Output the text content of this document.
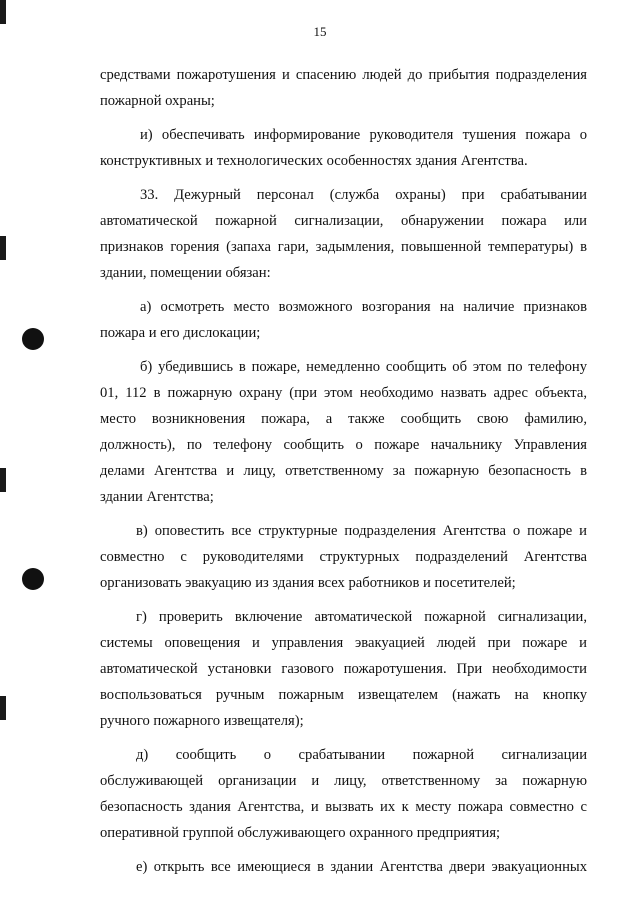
15
средствами пожаротушения и спасению людей до прибытия подразделения
пожарной охраны;
и) обеспечивать информирование руководителя тушения пожара о
конструктивных и технологических особенностях здания Агентства.
33. Дежурный персонал (служба охраны) при срабатывании
автоматической пожарной сигнализации, обнаружении пожара или
признаков горения (запаха гари, задымления, повышенной температуры) в
здании, помещении обязан:
а) осмотреть место возможного возгорания на наличие признаков
пожара и его дислокации;
б) убедившись в пожаре, немедленно сообщить об этом по телефону
01, 112 в пожарную охрану (при этом необходимо назвать адрес объекта,
место возникновения пожара, а также сообщить свою фамилию,
должность), по телефону сообщить о пожаре начальнику Управления
делами Агентства и лицу, ответственному за пожарную безопасность в
здании Агентства;
в) оповестить все структурные подразделения Агентства о пожаре и
совместно с руководителями структурных подразделений Агентства
организовать эвакуацию из здания всех работников и посетителей;
г) проверить включение автоматической пожарной сигнализации,
системы оповещения и управления эвакуацией людей при пожаре и
автоматической установки газового пожаротушения. При необходимости
воспользоваться ручным пожарным извещателем (нажать на кнопку
ручного пожарного извещателя);
д) сообщить о срабатывании пожарной сигнализации
обслуживающей организации и лицу, ответственному за пожарную
безопасность здания Агентства, и вызвать их к месту пожара совместно с
оперативной группой обслуживающего охранного предприятия;
е) открыть все имеющиеся в здании Агентства двери эвакуационных
